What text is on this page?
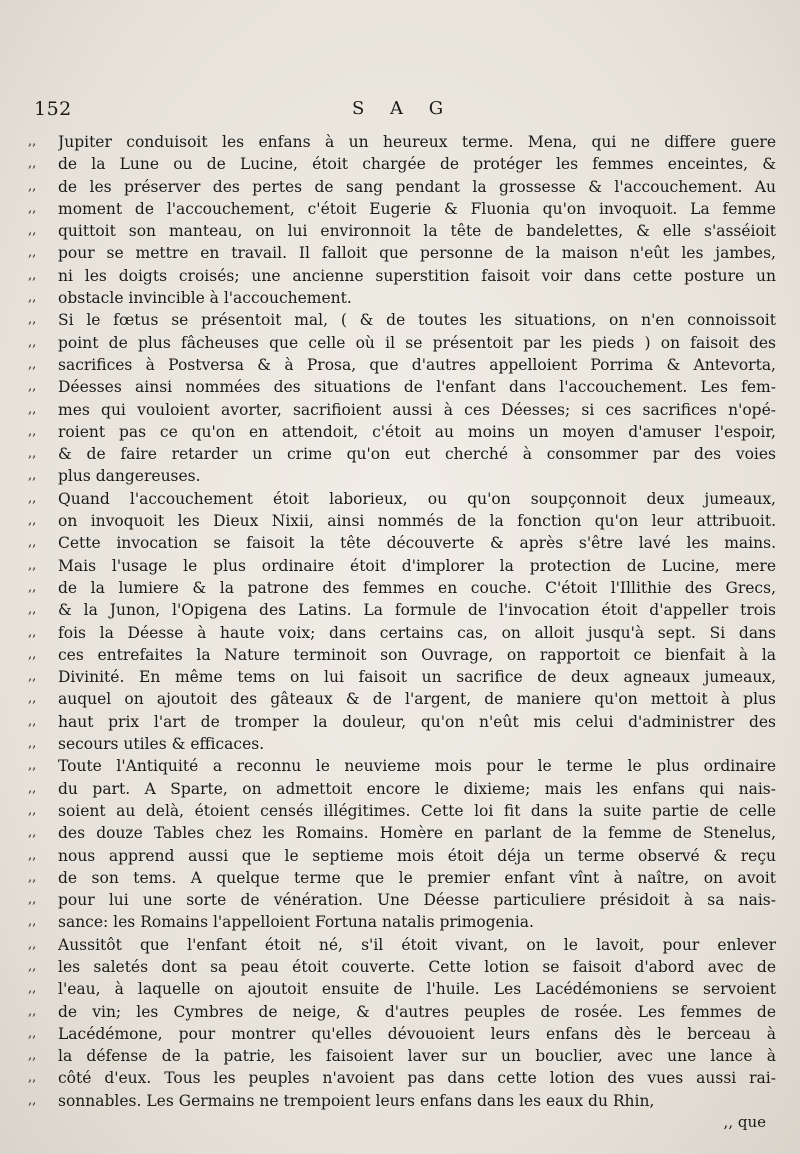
152	S A G
,, Jupiter conduisoit les enfans à un heureux terme. Mena, qui ne differe guere
,, de la Lune ou de Lucine, étoit chargée de protéger les femmes enceintes, &
,, de les préserver des pertes de sang pendant la grossesse & l'accouchement. Au
,, moment de l'accouchement, c'étoit Eugerie & Fluonia qu'on invoquoit. La femme
,, quittoit son manteau, on lui environnoit la tête de bandelettes, & elle s'asséioit
,, pour se mettre en travail. Il falloit que personne de la maison n'eût les jambes,
,, ni les doigts croisés; une ancienne superstition faisoit voir dans cette posture un
,, obstacle invincible à l'accouchement.
,, Si le fœtus se présentoit mal, ( & de toutes les situations, on n'en connoissoit
,, point de plus fâcheuses que celle où il se présentoit par les pieds ) on faisoit des
,, sacrifices à Postversa & à Prosa, que d'autres appelloient Porrima & Antevorta,
,, Déesses ainsi nommées des situations de l'enfant dans l'accouchement. Les fem-
,, mes qui vouloient avorter, sacrifioient aussi à ces Déesses; si ces sacrifices n'opé-
,, roient pas ce qu'on en attendoit, c'étoit au moins un moyen d'amuser l'espoir,
,, & de faire retarder un crime qu'on eut cherché à consommer par des voies
,, plus dangereuses.
,, Quand l'accouchement étoit laborieux, ou qu'on soupçonnoit deux jumeaux,
,, on invoquoit les Dieux Nixii, ainsi nommés de la fonction qu'on leur attribuoit.
,, Cette invocation se faisoit la tête découverte & après s'être lavé les mains.
,, Mais l'usage le plus ordinaire étoit d'implorer la protection de Lucine, mere
,, de la lumiere & la patrone des femmes en couche. C'étoit l'Illithie des Grecs,
,, & la Junon, l'Opigena des Latins. La formule de l'invocation étoit d'appeller trois
,, fois la Déesse à haute voix; dans certains cas, on alloit jusqu'à sept. Si dans
,, ces entrefaites la Nature terminoit son Ouvrage, on rapportoit ce bienfait à la
,, Divinité. En même tems on lui faisoit un sacrifice de deux agneaux jumeaux,
,, auquel on ajoutoit des gâteaux & de l'argent, de maniere qu'on mettoit à plus
,, haut prix l'art de tromper la douleur, qu'on n'eût mis celui d'administrer des
,, secours utiles & efficaces.
,, Toute l'Antiquité a reconnu le neuvieme mois pour le terme le plus ordinaire
,, du part. A Sparte, on admettoit encore le dixieme; mais les enfans qui nais-
,, soient au delà, étoient censés illégitimes. Cette loi fit dans la suite partie de celle
,, des douze Tables chez les Romains. Homère en parlant de la femme de Stenelus,
,, nous apprend aussi que le septieme mois étoit déja un terme observé & reçu
,, de son tems. A quelque terme que le premier enfant vînt à naître, on avoit
,, pour lui une sorte de vénération. Une Déesse particuliere présidoit à sa nais-
,, sance: les Romains l'appelloient Fortuna natalis primogenia.
,, Aussitôt que l'enfant étoit né, s'il étoit vivant, on le lavoit, pour enlever
,, les saletés dont sa peau étoit couverte. Cette lotion se faisoit d'abord avec de
,, l'eau, à laquelle on ajoutoit ensuite de l'huile. Les Lacédémoniens se servoient
,, de vin; les Cymbres de neige, & d'autres peuples de rosée. Les femmes de
,, Lacédémone, pour montrer qu'elles dévouoient leurs enfans dès le berceau à
,, la défense de la patrie, les faisoient laver sur un bouclier, avec une lance à
,, côté d'eux. Tous les peuples n'avoient pas dans cette lotion des vues aussi rai-
,, sonnables. Les Germains ne trempoient leurs enfans dans les eaux du Rhin,
,, que
